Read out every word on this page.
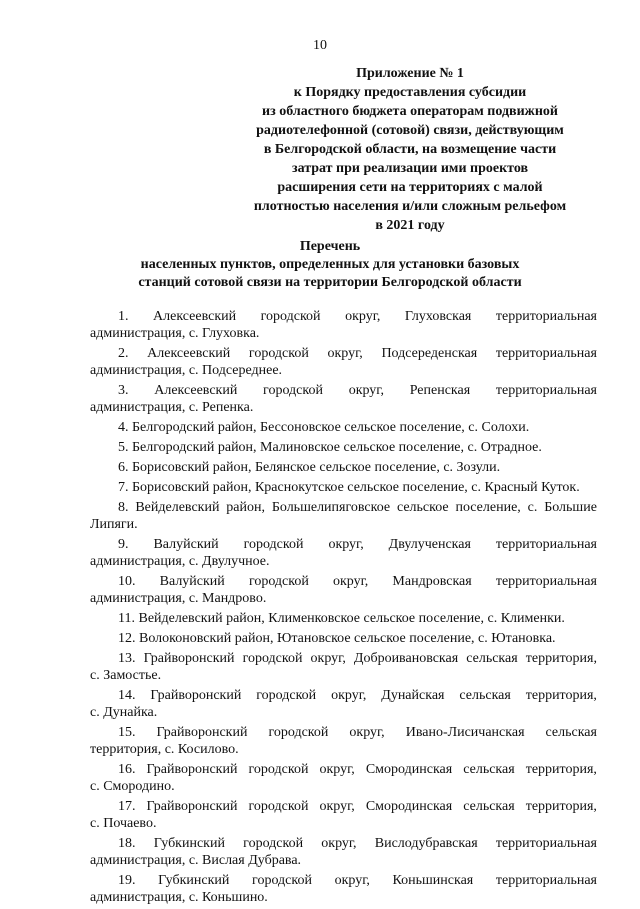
10
Приложение № 1
к Порядку предоставления субсидии
из областного бюджета операторам подвижной
радиотелефонной (сотовой) связи, действующим
в Белгородской области, на возмещение части
затрат при реализации ими проектов
расширения сети на территориях с малой
плотностью населения и/или сложным рельефом
в 2021 году
Перечень
населенных пунктов, определенных для установки базовых
станций сотовой связи на территории Белгородской области
1. Алексеевский городской округ, Глуховская территориальная
администрация, с. Глуховка.
2. Алексеевский городской округ, Подсереденская территориальная
администрация, с. Подсереднее.
3. Алексеевский городской округ, Репенская территориальная
администрация, с. Репенка.
4. Белгородский район, Бессоновское сельское поселение, с. Солохи.
5. Белгородский район, Малиновское сельское поселение, с. Отрадное.
6. Борисовский район, Белянское сельское поселение, с. Зозули.
7. Борисовский район, Краснокутское сельское поселение, с. Красный Куток.
8. Вейделевский район, Большелипяговское сельское поселение, с. Большие
Липяги.
9. Валуйский городской округ, Двулученская территориальная
администрация, с. Двулучное.
10. Валуйский городской округ, Мандровская территориальная
администрация, с. Мандрово.
11. Вейделевский район, Клименковское сельское поселение, с. Клименки.
12. Волоконовский район, Ютановское сельское поселение, с. Ютановка.
13. Грайворонский городской округ, Доброивановская сельская территория,
с. Замостье.
14. Грайворонский городской округ, Дунайская сельская территория,
с. Дунайка.
15. Грайворонский городской округ, Ивано-Лисичанская сельская
территория, с. Косилово.
16. Грайворонский городской округ, Смородинская сельская территория,
с. Смородино.
17. Грайворонский городской округ, Смородинская сельская территория,
с. Почаево.
18. Губкинский городской округ, Вислодубравская территориальная
администрация, с. Вислая Дубрава.
19. Губкинский городской округ, Коньшинская территориальная
администрация, с. Коньшино.
